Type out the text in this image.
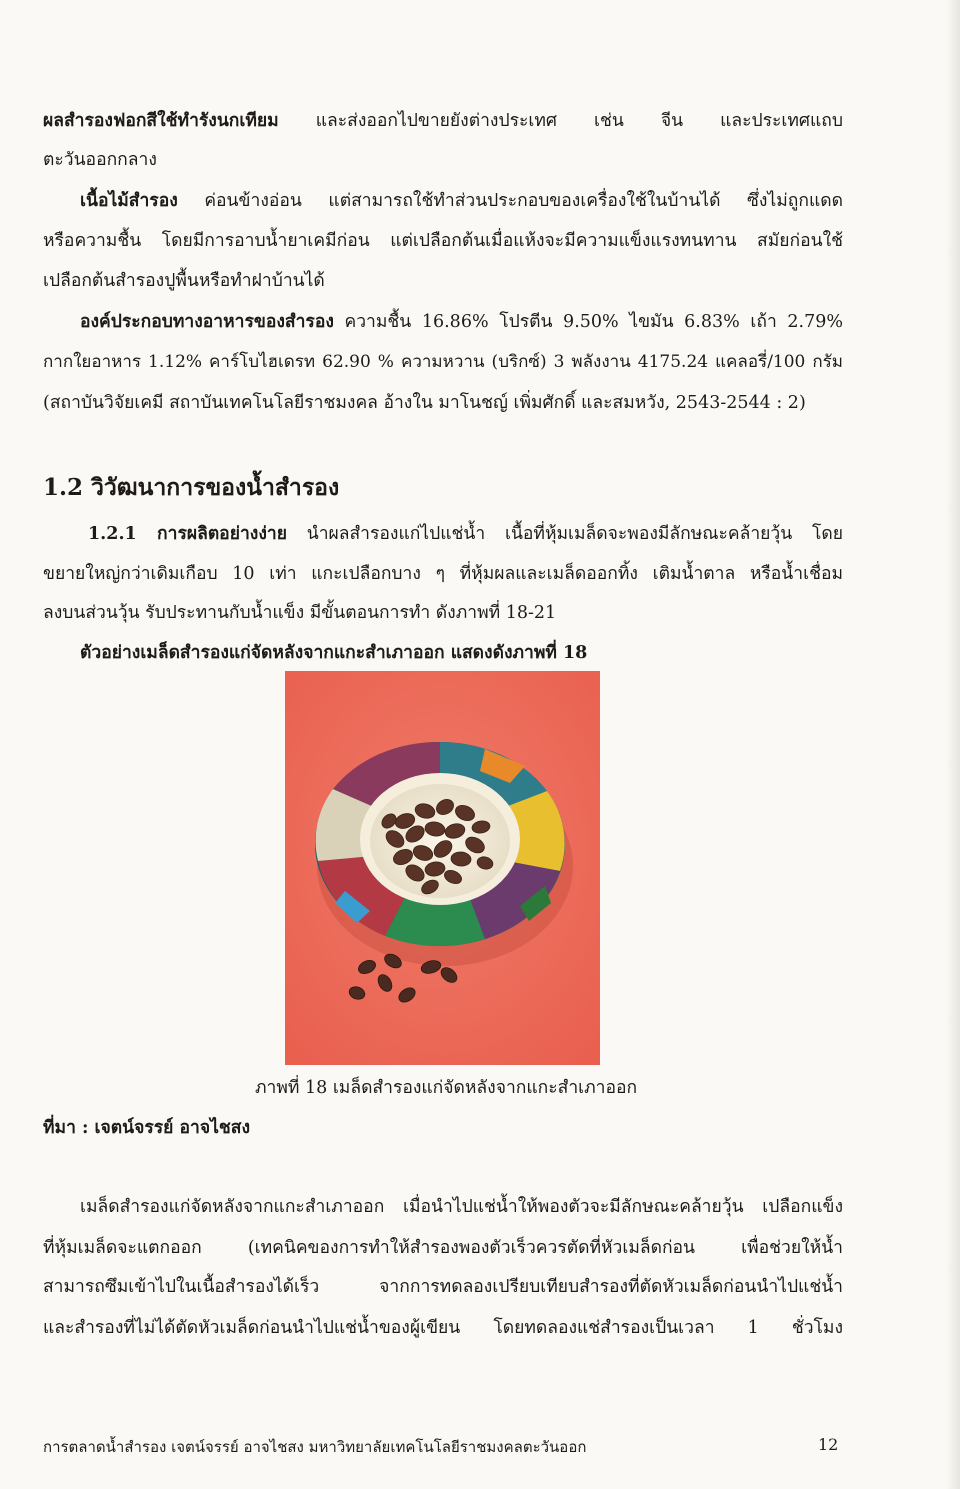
ผลสำรองฟอกสีใช้ทำรังนกเทียม และส่งออกไปขายยังต่างประเทศ เช่น จีน และประเทศแถบ
ตะวันออกกลาง
เนื้อไม้สำรอง ค่อนข้างอ่อน แต่สามารถใช้ทำส่วนประกอบของเครื่องใช้ในบ้านได้ ซึ่งไม่ถูกแดด
หรือความชื้น โดยมีการอาบน้ำยาเคมีก่อน แต่เปลือกต้นเมื่อแห้งจะมีความแข็งแรงทนทาน สมัยก่อนใช้
เปลือกต้นสำรองปูพื้นหรือทำฝาบ้านได้
องค์ประกอบทางอาหารของสำรอง ความชื้น 16.86% โปรตีน 9.50% ไขมัน 6.83% เถ้า 2.79%
กากใยอาหาร 1.12% คาร์โบไฮเดรท 62.90 % ความหวาน (บริกซ์) 3 พลังงาน 4175.24 แคลอรี่/100 กรัม
(สถาบันวิจัยเคมี สถาบันเทคโนโลยีราชมงคล อ้างใน มาโนชญ์ เพิ่มศักดิ์ และสมหวัง, 2543-2544 : 2)
1.2 วิวัฒนาการของน้ำสำรอง
1.2.1 การผลิตอย่างง่าย นำผลสำรองแก่ไปแช่น้ำ เนื้อที่หุ้มเมล็ดจะพองมีลักษณะคล้ายวุ้น โดย
ขยายใหญ่กว่าเดิมเกือบ 10 เท่า แกะเปลือกบาง ๆ ที่หุ้มผลและเมล็ดออกทิ้ง เติมน้ำตาล หรือน้ำเชื่อม
ลงบนส่วนวุ้น รับประทานกับน้ำแข็ง มีขั้นตอนการทำ ดังภาพที่ 18-21
ตัวอย่างเมล็ดสำรองแก่จัดหลังจากแกะสำเภาออก แสดงดังภาพที่ 18
ภาพที่ 18 เมล็ดสำรองแก่จัดหลังจากแกะสำเภาออก
ที่มา : เจตน์จรรย์ อาจไชสง
เมล็ดสำรองแก่จัดหลังจากแกะสำเภาออก เมื่อนำไปแช่น้ำให้พองตัวจะมีลักษณะคล้ายวุ้น เปลือกแข็ง
ที่หุ้มเมล็ดจะแตกออก (เทคนิคของการทำให้สำรองพองตัวเร็วควรตัดที่หัวเมล็ดก่อน เพื่อช่วยให้น้ำ
สามารถซึมเข้าไปในเนื้อสำรองได้เร็ว จากการทดลองเปรียบเทียบสำรองที่ตัดหัวเมล็ดก่อนนำไปแช่น้ำ
และสำรองที่ไม่ได้ตัดหัวเมล็ดก่อนนำไปแช่น้ำของผู้เขียน โดยทดลองแช่สำรองเป็นเวลา 1 ชั่วโมง
การตลาดน้ำสำรอง เจตน์จรรย์ อาจไชสง มหาวิทยาลัยเทคโนโลยีราชมงคลตะวันออก	12
